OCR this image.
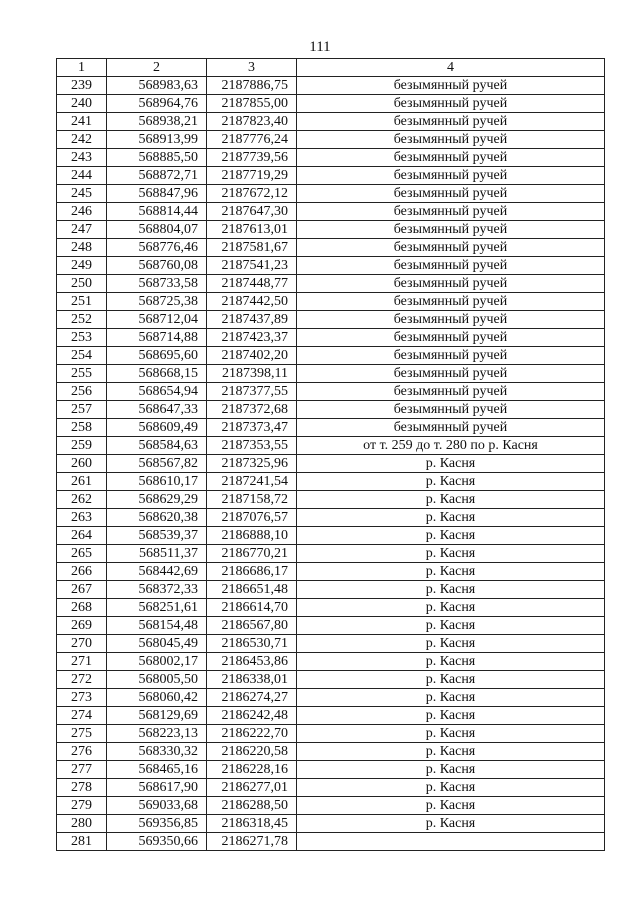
111
1	2	3	4
239	568983,63	2187886,75	безымянный ручей
240	568964,76	2187855,00	безымянный ручей
241	568938,21	2187823,40	безымянный ручей
242	568913,99	2187776,24	безымянный ручей
243	568885,50	2187739,56	безымянный ручей
244	568872,71	2187719,29	безымянный ручей
245	568847,96	2187672,12	безымянный ручей
246	568814,44	2187647,30	безымянный ручей
247	568804,07	2187613,01	безымянный ручей
248	568776,46	2187581,67	безымянный ручей
249	568760,08	2187541,23	безымянный ручей
250	568733,58	2187448,77	безымянный ручей
251	568725,38	2187442,50	безымянный ручей
252	568712,04	2187437,89	безымянный ручей
253	568714,88	2187423,37	безымянный ручей
254	568695,60	2187402,20	безымянный ручей
255	568668,15	2187398,11	безымянный ручей
256	568654,94	2187377,55	безымянный ручей
257	568647,33	2187372,68	безымянный ручей
258	568609,49	2187373,47	безымянный ручей
259	568584,63	2187353,55	от т. 259 до т. 280 по р. Касня
260	568567,82	2187325,96	р. Касня
261	568610,17	2187241,54	р. Касня
262	568629,29	2187158,72	р. Касня
263	568620,38	2187076,57	р. Касня
264	568539,37	2186888,10	р. Касня
265	568511,37	2186770,21	р. Касня
266	568442,69	2186686,17	р. Касня
267	568372,33	2186651,48	р. Касня
268	568251,61	2186614,70	р. Касня
269	568154,48	2186567,80	р. Касня
270	568045,49	2186530,71	р. Касня
271	568002,17	2186453,86	р. Касня
272	568005,50	2186338,01	р. Касня
273	568060,42	2186274,27	р. Касня
274	568129,69	2186242,48	р. Касня
275	568223,13	2186222,70	р. Касня
276	568330,32	2186220,58	р. Касня
277	568465,16	2186228,16	р. Касня
278	568617,90	2186277,01	р. Касня
279	569033,68	2186288,50	р. Касня
280	569356,85	2186318,45	р. Касня
281	569350,66	2186271,78	
